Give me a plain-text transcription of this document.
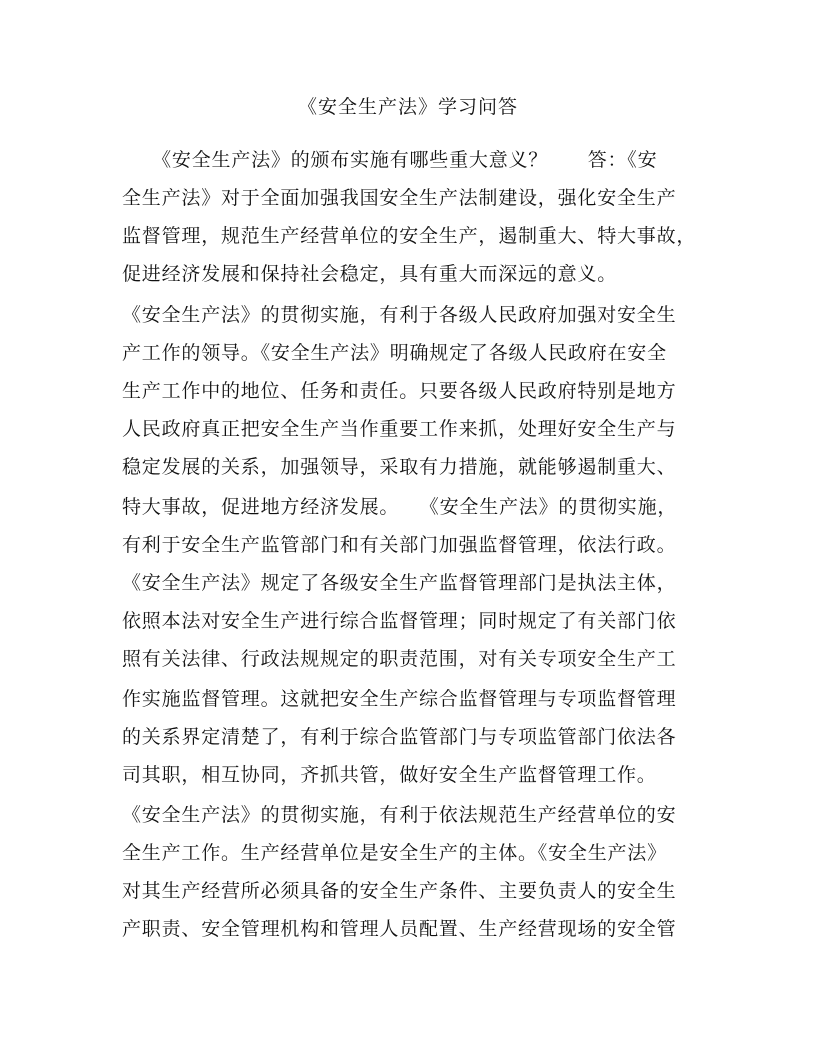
《安全生产法》学习问答
　　《安全生产法》的颁布实施有哪些重大意义？　　答：《安
全生产法》对于全面加强我国安全生产法制建设，强化安全生产
监督管理，规范生产经营单位的安全生产，遏制重大、特大事故，
促进经济发展和保持社会稳定，具有重大而深远的意义。
《安全生产法》的贯彻实施，有利于各级人民政府加强对安全生
产工作的领导。《安全生产法》明确规定了各级人民政府在安全
生产工作中的地位、任务和责任。只要各级人民政府特别是地方
人民政府真正把安全生产当作重要工作来抓，处理好安全生产与
稳定发展的关系，加强领导，采取有力措施，就能够遏制重大、
特大事故，促进地方经济发展。　　《安全生产法》的贯彻实施，
有利于安全生产监管部门和有关部门加强监督管理，依法行政。
《安全生产法》规定了各级安全生产监督管理部门是执法主体，
依照本法对安全生产进行综合监督管理；同时规定了有关部门依
照有关法律、行政法规规定的职责范围，对有关专项安全生产工
作实施监督管理。这就把安全生产综合监督管理与专项监督管理
的关系界定清楚了，有利于综合监管部门与专项监管部门依法各
司其职，相互协同，齐抓共管，做好安全生产监督管理工作。
《安全生产法》的贯彻实施，有利于依法规范生产经营单位的安
全生产工作。生产经营单位是安全生产的主体。《安全生产法》
对其生产经营所必须具备的安全生产条件、主要负责人的安全生
产职责、安全管理机构和管理人员配置、生产经营现场的安全管
